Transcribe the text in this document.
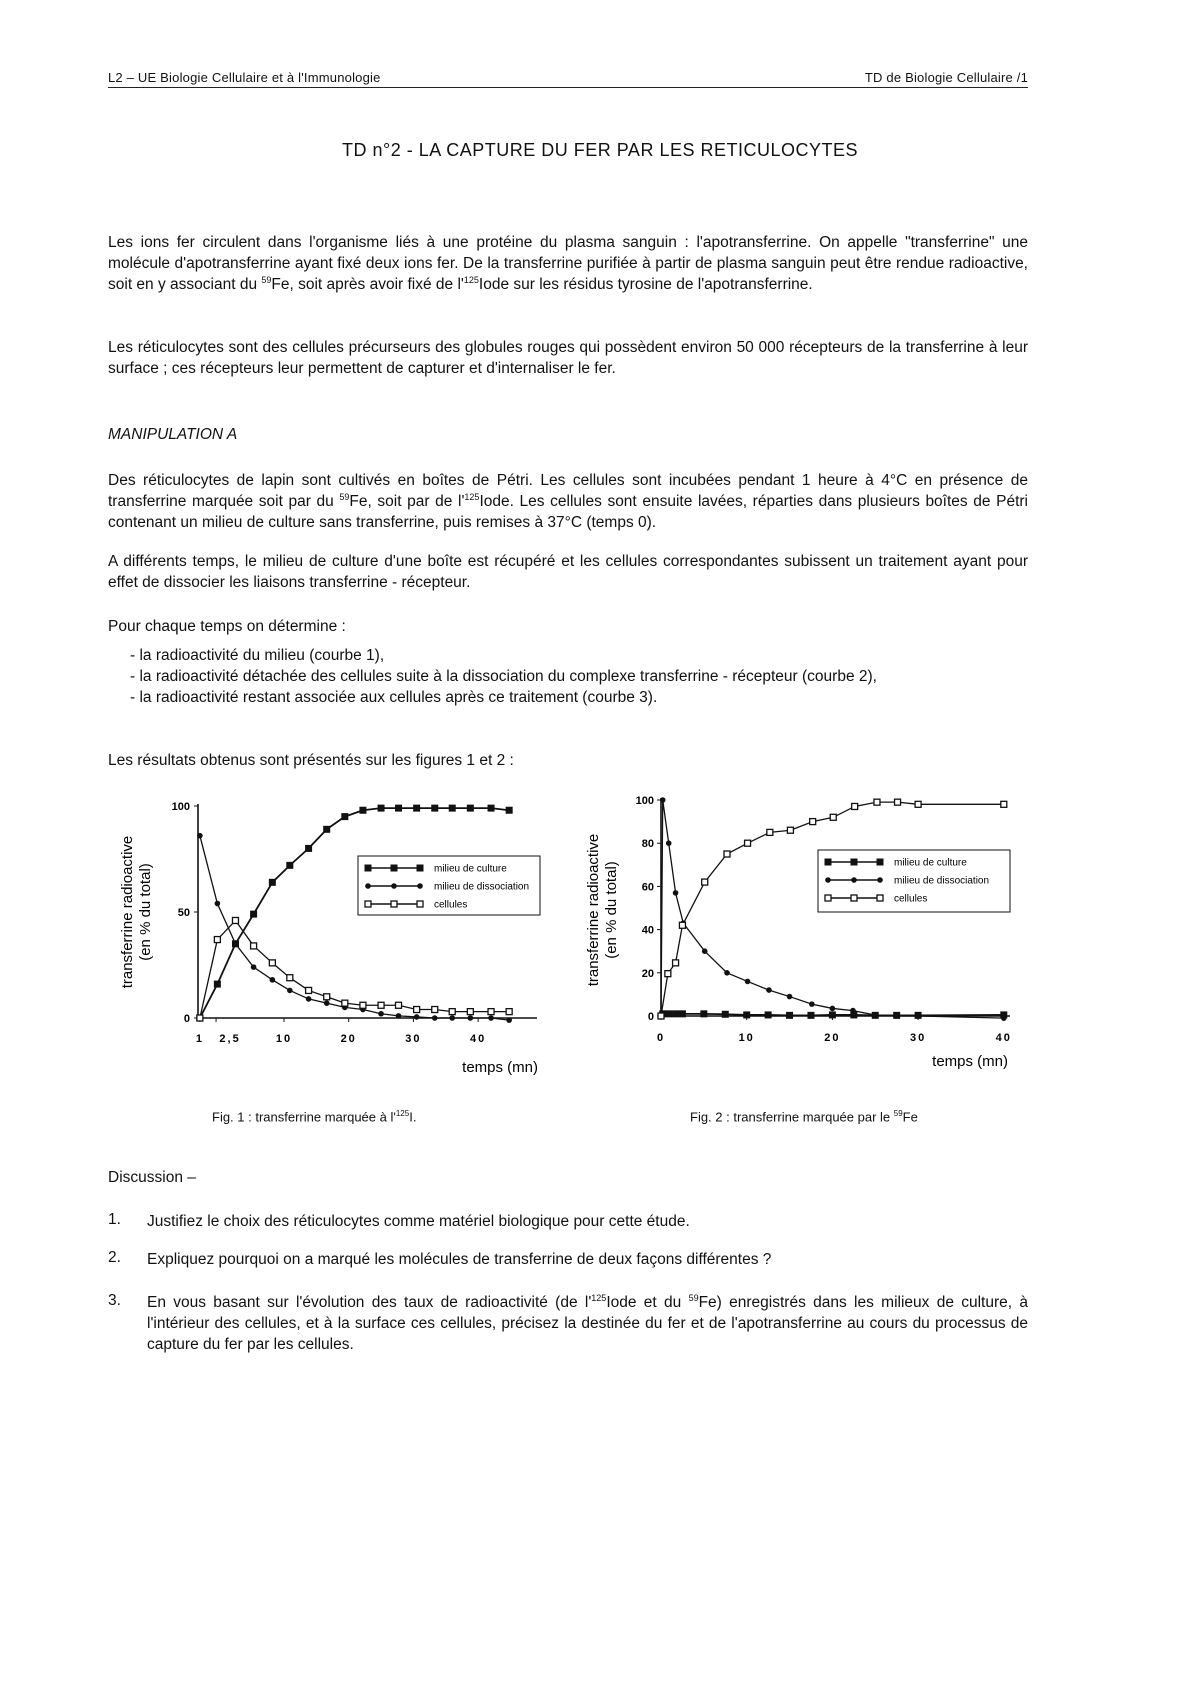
L2 – UE Biologie Cellulaire et à l'Immunologie	TD de Biologie Cellulaire /1
TD n°2 - LA CAPTURE DU FER PAR LES RETICULOCYTES

Les ions fer circulent dans l'organisme liés à une protéine du plasma sanguin : l'apotransferrine. On appelle "transferrine" une molécule d'apotransferrine ayant fixé deux ions fer. De la transferrine purifiée à partir de plasma sanguin peut être rendue radioactive, soit en y associant du $^{59}$Fe, soit après avoir fixé de $l'^{125}Iode$ sur les résidus tyrosine de l'apotransferrine.

Les réticulocytes sont des cellules précurseurs des globules rouges qui possèdent environ 50 000 récepteurs de la transferrine à leur surface ; ces récepteurs leur permettent de capturer et d'internaliser le fer.

MANIPULATION A

Des réticulocytes de lapin sont cultivés en boîtes de Pétri. Les cellules sont incubées pendant 1 heure à 4°C en présence de transferrine marquée soit par du $^{59}$Fe, soit par de $l'^{125}Iode$. Les cellules sont ensuite lavées, réparties dans plusieurs boîtes de Pétri contenant un milieu de culture sans transferrine, puis remises à 37°C (temps 0).

A différents temps, le milieu de culture d'une boîte est récupéré et les cellules correspondantes subissent un traitement ayant pour effet de dissocier les liaisons transferrine - récepteur.

Pour chaque temps on détermine :
- la radioactivité du milieu (courbe 1),
- la radioactivité détachée des cellules suite à la dissociation du complexe transferrine - récepteur (courbe 2),
- la radioactivité restant associée aux cellules après ce traitement (courbe 3).
Les résultats obtenus sont présentés sur les figures 1 et 2 :
0
50
100
1 2,5	10	20	30	40
temps (mn)
transferrine radioactive (en % du total)	milieu de culture
milieu de dissociation
cellules
0
20
40
60
80
100
0	10	20	30	40
temps (mn)
transferrine radioactive (en % du total)	milieu de culture
milieu de dissociation
cellules
Fig. 1 : transferrine marquée à $l'^{125}I$.	Fig. 2 : transferrine marquée par le $^{59}$Fe
Discussion –
1. Justifiez le choix des réticulocytes comme matériel biologique pour cette étude.
2. Expliquez pourquoi on a marqué les molécules de transferrine de deux façons différentes ?
3. En vous basant sur l'évolution des taux de radioactivité (de $l'^{125}Iode$ et du $^{59}$Fe) enregistrés dans les milieux de culture, à l'intérieur des cellules, et à la surface ces cellules, précisez la destinée du fer et de l'apotransferrine au cours du processus de capture du fer par les cellules.
